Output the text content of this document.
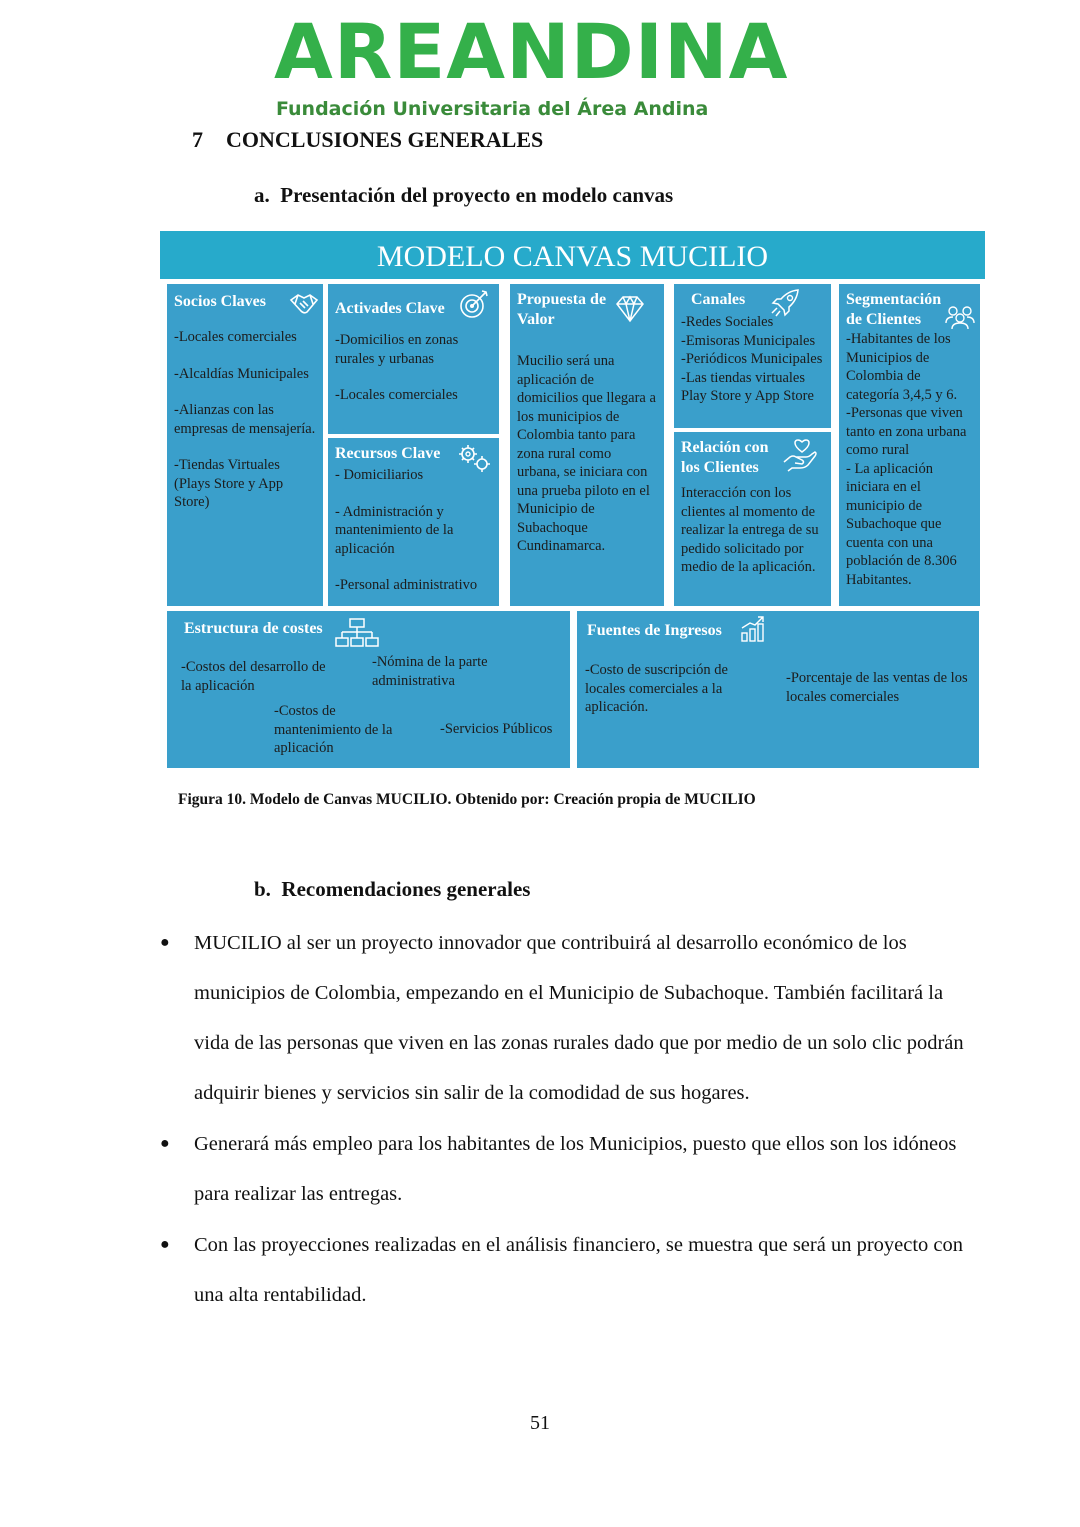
AREANDINA
Fundación Universitaria del Área Andina
7 CONCLUSIONES GENERALES
a.  Presentación del proyecto en modelo canvas
MODELO CANVAS MUCILIO
Socios Claves
-Locales comerciales
-Alcaldías Municipales
-Alianzas con las empresas de mensajería.
-Tiendas Virtuales (Plays Store y App Store)
Activades Clave
-Domicilios en zonas rurales y urbanas
-Locales comerciales
Recursos Clave
- Domiciliarios
- Administración y mantenimiento de la aplicación
-Personal administrativo
Propuesta de Valor
Mucilio será una aplicación de domicilios que llegara a los municipios de Colombia tanto para zona rural como urbana, se iniciara con una prueba piloto en el Municipio de Subachoque Cundinamarca.
Canales
-Redes Sociales
-Emisoras Municipales
-Periódicos Municipales
-Las tiendas virtuales Play Store y App Store
Relación con los Clientes
Interacción con los clientes al momento de realizar la entrega de su pedido solicitado por medio de la aplicación.
Segmentación de Clientes
-Habitantes de los Municipios de Colombia de categoría 3,4,5 y 6.
-Personas que viven tanto en zona urbana como rural
- La aplicación iniciara en el municipio de Subachoque que cuenta con una población de 8.306 Habitantes.
Estructura de costes
-Costos del desarrollo de la aplicación
-Nómina de la parte administrativa
-Costos de mantenimiento de la aplicación
-Servicios Públicos
Fuentes de Ingresos
-Costo de suscripción de locales comerciales a la aplicación.
-Porcentaje de las ventas de los locales comerciales
Figura 10. Modelo de Canvas MUCILIO. Obtenido por: Creación propia de MUCILIO
b.  Recomendaciones generales
● MUCILIO al ser un proyecto innovador que contribuirá al desarrollo económico de los municipios de Colombia, empezando en el Municipio de Subachoque. También facilitará la vida de las personas que viven en las zonas rurales dado que por medio de un solo clic podrán adquirir bienes y servicios sin salir de la comodidad de sus hogares.
● Generará más empleo para los habitantes de los Municipios, puesto que ellos son los idóneos para realizar las entregas.
● Con las proyecciones realizadas en el análisis financiero, se muestra que será un proyecto con una alta rentabilidad.
51
